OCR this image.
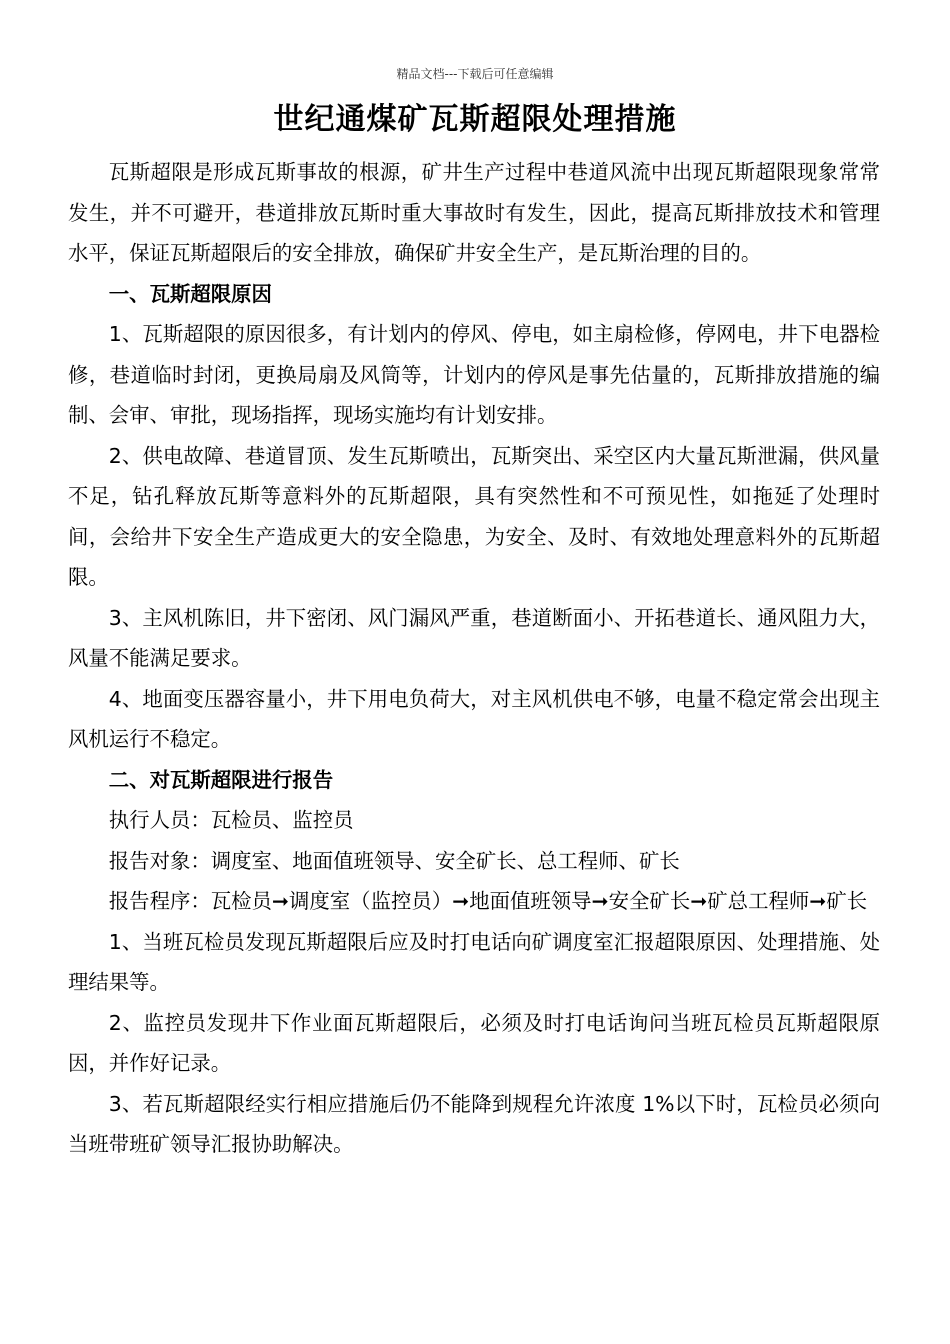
精品文档---下载后可任意编辑
世纪通煤矿瓦斯超限处理措施

瓦斯超限是形成瓦斯事故的根源，矿井生产过程中巷道风流中出现瓦斯超限现象常常发生，并不可避开，巷道排放瓦斯时重大事故时有发生，因此，提高瓦斯排放技术和管理水平，保证瓦斯超限后的安全排放，确保矿井安全生产，是瓦斯治理的目的。

一、瓦斯超限原因

1、瓦斯超限的原因很多，有计划内的停风、停电，如主扇检修，停网电，井下电器检修，巷道临时封闭，更换局扇及风筒等，计划内的停风是事先估量的，瓦斯排放措施的编制、会审、审批，现场指挥，现场实施均有计划安排。

2、供电故障、巷道冒顶、发生瓦斯喷出，瓦斯突出、采空区内大量瓦斯泄漏，供风量不足，钻孔释放瓦斯等意料外的瓦斯超限，具有突然性和不可预见性，如拖延了处理时间，会给井下安全生产造成更大的安全隐患，为安全、及时、有效地处理意料外的瓦斯超限。

3、主风机陈旧，井下密闭、风门漏风严重，巷道断面小、开拓巷道长、通风阻力大，风量不能满足要求。

4、地面变压器容量小，井下用电负荷大，对主风机供电不够，电量不稳定常会出现主风机运行不稳定。

二、对瓦斯超限进行报告

执行人员：瓦检员、监控员

报告对象：调度室、地面值班领导、安全矿长、总工程师、矿长

报告程序：瓦检员➞调度室（监控员）➞地面值班领导➞安全矿长➞矿总工程师➞矿长

1、当班瓦检员发现瓦斯超限后应及时打电话向矿调度室汇报超限原因、处理措施、处理结果等。

2、监控员发现井下作业面瓦斯超限后，必须及时打电话询问当班瓦检员瓦斯超限原因，并作好记录。

3、若瓦斯超限经实行相应措施后仍不能降到规程允许浓度 1%以下时，瓦检员必须向当班带班矿领导汇报协助解决。
